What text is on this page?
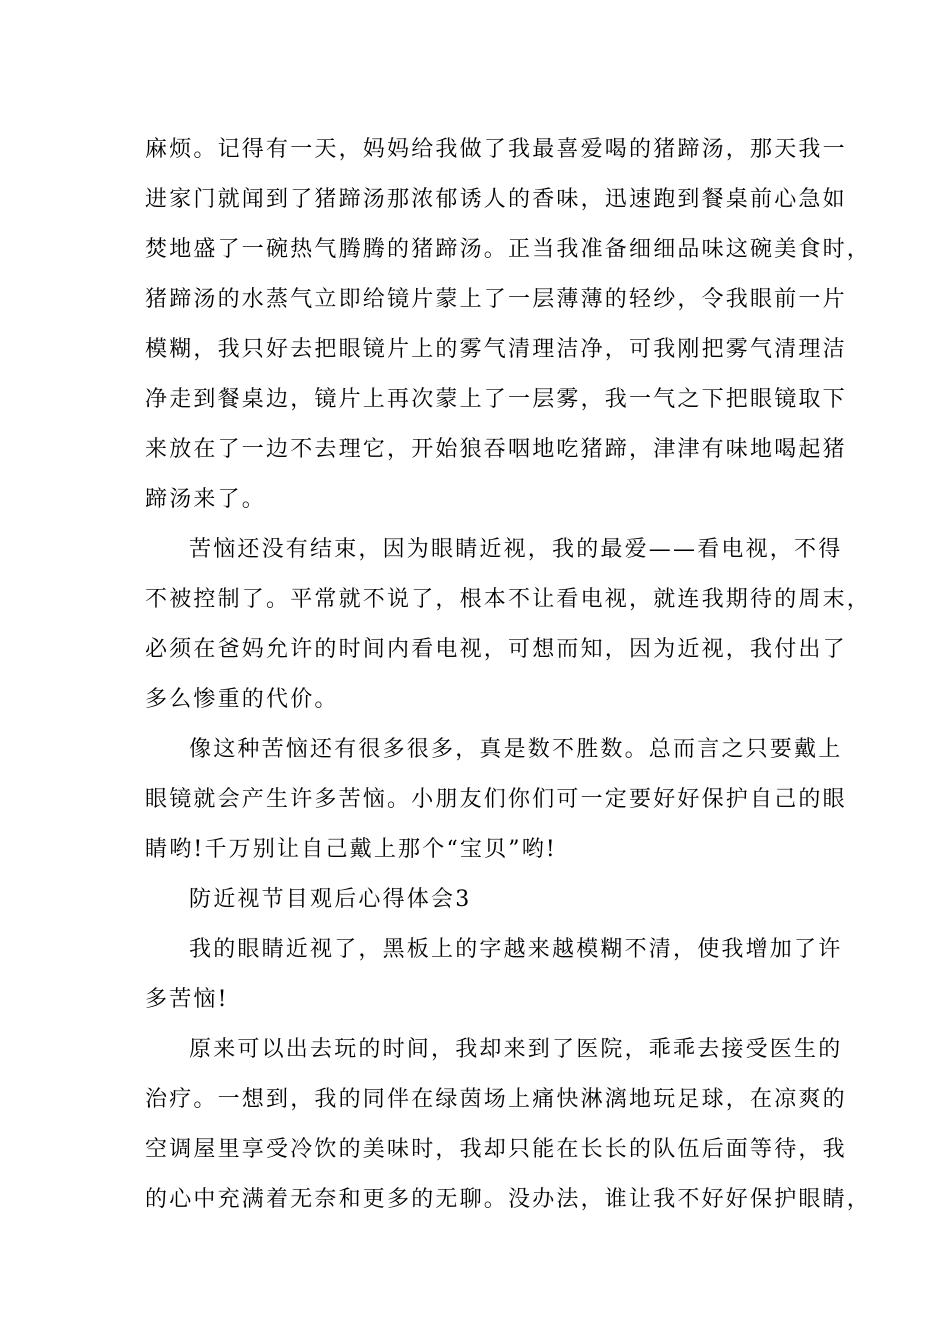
麻烦。记得有一天，妈妈给我做了我最喜爱喝的猪蹄汤，那天我一
进家门就闻到了猪蹄汤那浓郁诱人的香味，迅速跑到餐桌前心急如
焚地盛了一碗热气腾腾的猪蹄汤。正当我准备细细品味这碗美食时，
猪蹄汤的水蒸气立即给镜片蒙上了一层薄薄的轻纱，令我眼前一片
模糊，我只好去把眼镜片上的雾气清理洁净，可我刚把雾气清理洁
净走到餐桌边，镜片上再次蒙上了一层雾，我一气之下把眼镜取下
来放在了一边不去理它，开始狼吞咽地吃猪蹄，津津有味地喝起猪
蹄汤来了。
苦恼还没有结束，因为眼睛近视，我的最爱——看电视，不得
不被控制了。平常就不说了，根本不让看电视，就连我期待的周末，
必须在爸妈允许的时间内看电视，可想而知，因为近视，我付出了
多么惨重的代价。
像这种苦恼还有很多很多，真是数不胜数。总而言之只要戴上
眼镜就会产生许多苦恼。小朋友们你们可一定要好好保护自己的眼
睛哟!千万别让自己戴上那个“宝贝”哟!
防近视节目观后心得体会3
我的眼睛近视了，黑板上的字越来越模糊不清，使我增加了许
多苦恼!
原来可以出去玩的时间，我却来到了医院，乖乖去接受医生的
治疗。一想到，我的同伴在绿茵场上痛快淋漓地玩足球，在凉爽的
空调屋里享受冷饮的美味时，我却只能在长长的队伍后面等待，我
的心中充满着无奈和更多的无聊。没办法，谁让我不好好保护眼睛，
